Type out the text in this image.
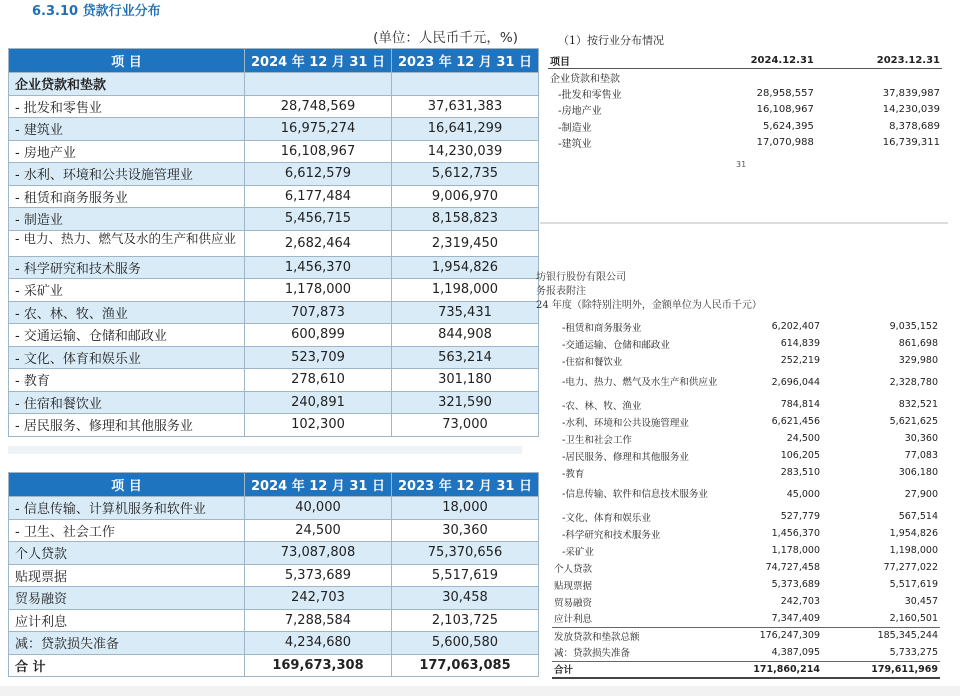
6.3.10 贷款行业分布
(单位：人民币千元，%)
项 目	2024 年 12 月 31 日	2023 年 12 月 31 日
企业贷款和垫款		
- 批发和零售业	28,748,569	37,631,383
- 建筑业	16,975,274	16,641,299
- 房地产业	16,108,967	14,230,039
- 水利、环境和公共设施管理业	6,612,579	5,612,735
- 租赁和商务服务业	6,177,484	9,006,970
- 制造业	5,456,715	8,158,823
- 电力、热力、燃气及水的生产和供应业	2,682,464	2,319,450
- 科学研究和技术服务	1,456,370	1,954,826
- 采矿业	1,178,000	1,198,000
- 农、林、牧、渔业	707,873	735,431
- 交通运输、仓储和邮政业	600,899	844,908
- 文化、体育和娱乐业	523,709	563,214
- 教育	278,610	301,180
- 住宿和餐饮业	240,891	321,590
- 居民服务、修理和其他服务业	102,300	73,000
项 目	2024 年 12 月 31 日	2023 年 12 月 31 日
- 信息传输、计算机服务和软件业	40,000	18,000
- 卫生、社会工作	24,500	30,360
个人贷款	73,087,808	75,370,656
贴现票据	5,373,689	5,517,619
贸易融资	242,703	30,458
应计利息	7,288,584	2,103,725
减：贷款损失准备	4,234,680	5,600,580
合 计	169,673,308	177,063,085
（1）按行业分布情况
项目	2024.12.31	2023.12.31
企业贷款和垫款		
-批发和零售业	28,958,557	37,839,987
-房地产业	16,108,967	14,230,039
-制造业	5,624,395	8,378,689
-建筑业	17,070,988	16,739,311
31
坊银行股份有限公司
务报表附注
24 年度（除特别注明外，金额单位为人民币千元）
-租赁和商务服务业	6,202,407	9,035,152
-交通运输、仓储和邮政业	614,839	861,698
-住宿和餐饮业	252,219	329,980
-电力、热力、燃气及水生产和供应业	2,696,044	2,328,780
-农、林、牧、渔业	784,814	832,521
-水利、环境和公共设施管理业	6,621,456	5,621,625
-卫生和社会工作	24,500	30,360
-居民服务、修理和其他服务业	106,205	77,083
-教育	283,510	306,180
-信息传输、软件和信息技术服务业	45,000	27,900
-文化、体育和娱乐业	527,779	567,514
-科学研究和技术服务业	1,456,370	1,954,826
-采矿业	1,178,000	1,198,000
个人贷款	74,727,458	77,277,022
贴现票据	5,373,689	5,517,619
贸易融资	242,703	30,457
应计利息	7,347,409	2,160,501
发放贷款和垫款总额	176,247,309	185,345,244
减：贷款损失准备	4,387,095	5,733,275
合计	171,860,214	179,611,969
